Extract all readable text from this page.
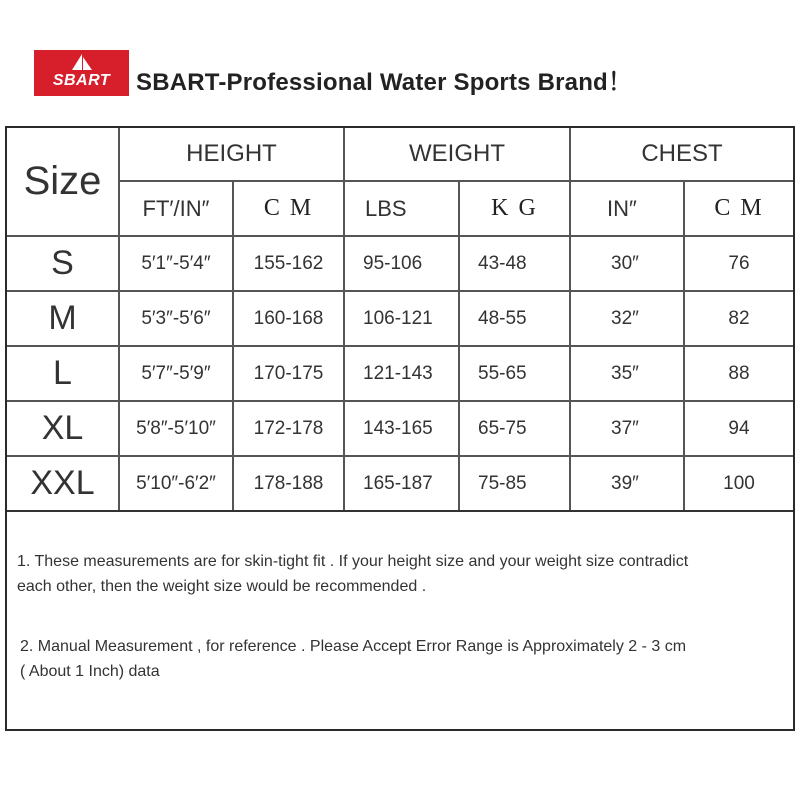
SBART	SBART-Professional Water Sports Brand！
Size
HEIGHT	WEIGHT	CHEST
FT′/IN″	C M	LBS	K G	IN″	C M
S	5′1″-5′4″	155-162	95-106	43-48	30″	76
M	5′3″-5′6″	160-168	106-121	48-55	32″	82
L	5′7″-5′9″	170-175	121-143	55-65	35″	88
XL	5′8″-5′10″	172-178	143-165	65-75	37″	94
XXL	5′10″-6′2″	178-188	165-187	75-85	39″	100
1. These measurements are for skin-tight fit . If your height size and your weight size contradict
each other, then the weight size would be recommended .
2. Manual Measurement , for reference . Please Accept Error Range is Approximately 2 - 3 cm
( About 1 Inch) data
